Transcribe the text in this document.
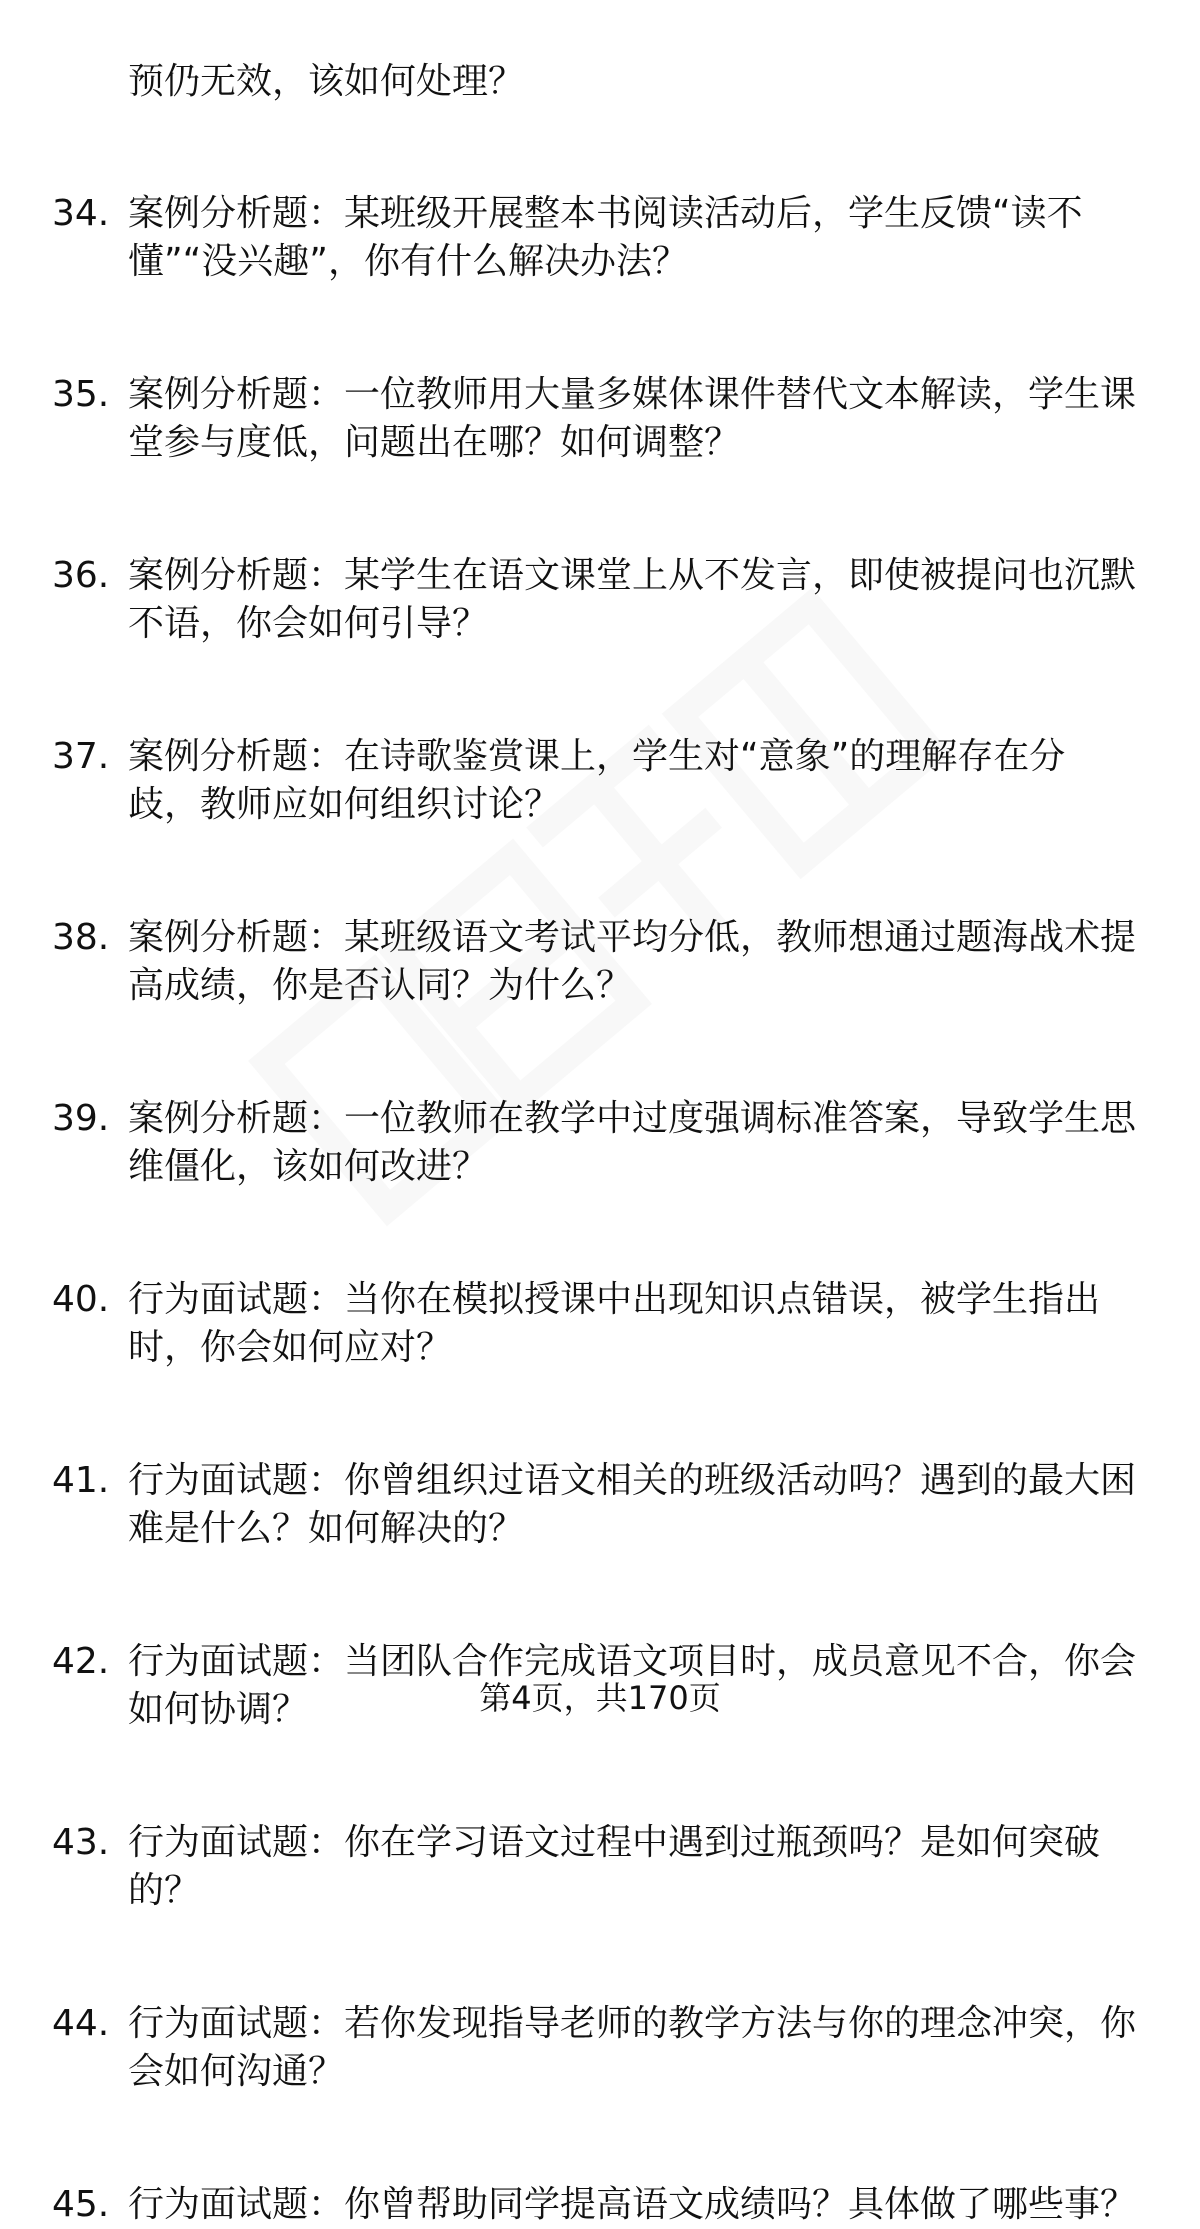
预仍无效，该如何处理？
34. 案例分析题：某班级开展整本书阅读活动后，学生反馈“读不
懂”“没兴趣”，你有什么解决办法？
35. 案例分析题：一位教师用大量多媒体课件替代文本解读，学生课
堂参与度低，问题出在哪？如何调整？
36. 案例分析题：某学生在语文课堂上从不发言，即使被提问也沉默
不语，你会如何引导？
37. 案例分析题：在诗歌鉴赏课上，学生对“意象”的理解存在分
歧，教师应如何组织讨论？
38. 案例分析题：某班级语文考试平均分低，教师想通过题海战术提
高成绩，你是否认同？为什么？
39. 案例分析题：一位教师在教学中过度强调标准答案，导致学生思
维僵化，该如何改进？
40. 行为面试题：当你在模拟授课中出现知识点错误，被学生指出
时，你会如何应对？
41. 行为面试题：你曾组织过语文相关的班级活动吗？遇到的最大困
难是什么？如何解决的？
42. 行为面试题：当团队合作完成语文项目时，成员意见不合，你会
如何协调？
43. 行为面试题：你在学习语文过程中遇到过瓶颈吗？是如何突破
的？
44. 行为面试题：若你发现指导老师的教学方法与你的理念冲突，你
会如何沟通？
45. 行为面试题：你曾帮助同学提高语文成绩吗？具体做了哪些事？
第4页，共170页
